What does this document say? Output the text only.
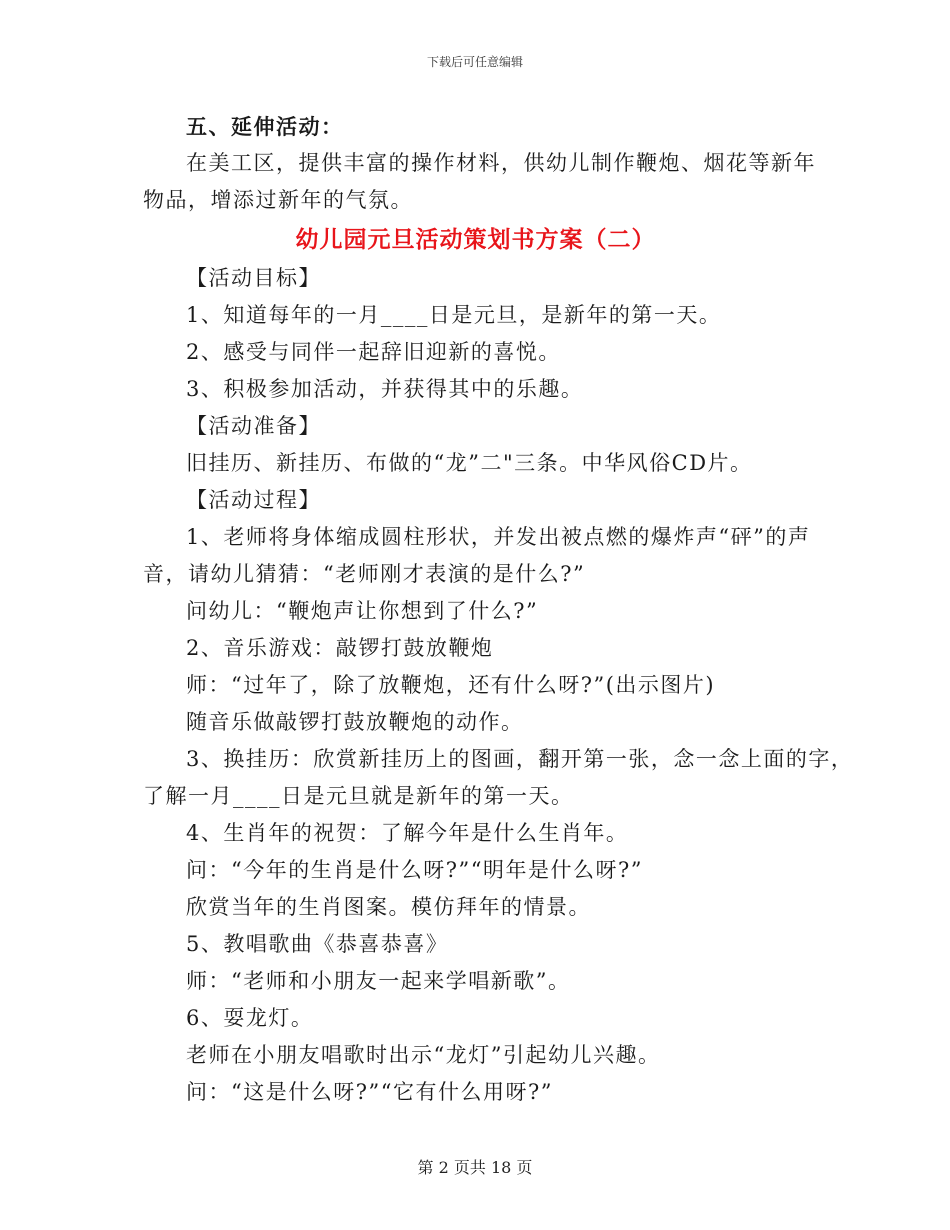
下载后可任意编辑
五、延伸活动：
在美工区，提供丰富的操作材料，供幼儿制作鞭炮、烟花等新年
物品，增添过新年的气氛。
幼儿园元旦活动策划书方案（二）
【活动目标】
1、知道每年的一月____日是元旦，是新年的第一天。
2、感受与同伴一起辞旧迎新的喜悦。
3、积极参加活动，并获得其中的乐趣。
【活动准备】
旧挂历、新挂历、布做的“龙”二"三条。中华风俗CD片。
【活动过程】
1、老师将身体缩成圆柱形状，并发出被点燃的爆炸声“砰”的声
音，请幼儿猜猜：“老师刚才表演的是什么?”
问幼儿：“鞭炮声让你想到了什么?”
2、音乐游戏：敲锣打鼓放鞭炮
师：“过年了，除了放鞭炮，还有什么呀?”(出示图片)
随音乐做敲锣打鼓放鞭炮的动作。
3、换挂历：欣赏新挂历上的图画，翻开第一张，念一念上面的字，
了解一月____日是元旦就是新年的第一天。
4、生肖年的祝贺：了解今年是什么生肖年。
问：“今年的生肖是什么呀?”“明年是什么呀?”
欣赏当年的生肖图案。模仿拜年的情景。
5、教唱歌曲《恭喜恭喜》
师：“老师和小朋友一起来学唱新歌”。
6、耍龙灯。
老师在小朋友唱歌时出示“龙灯”引起幼儿兴趣。
问：“这是什么呀?”“它有什么用呀?”
第 2 页共 18 页
